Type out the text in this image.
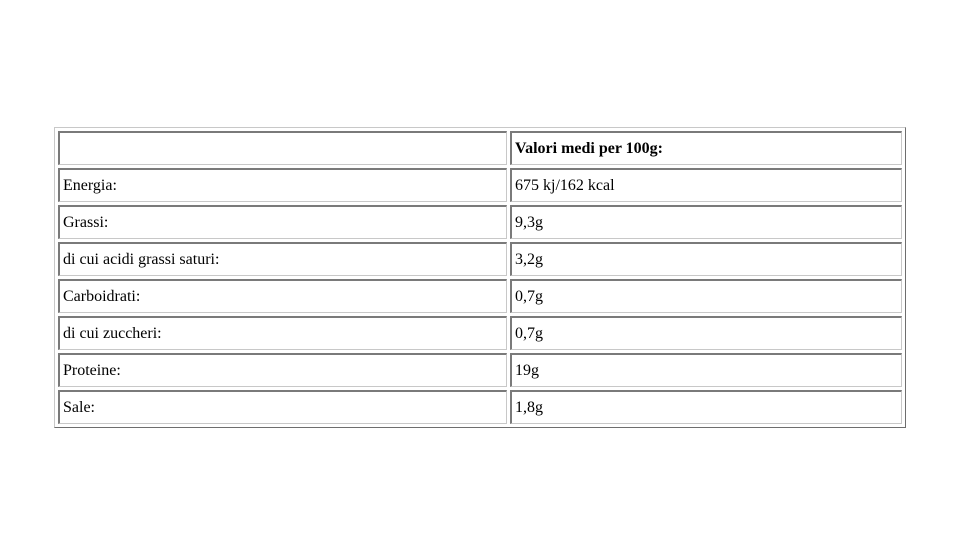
	Valori medi per 100g:
Energia:	675 kj/162 kcal
Grassi:	9,3g
di cui acidi grassi saturi:	3,2g
Carboidrati:	0,7g
di cui zuccheri:	0,7g
Proteine:	19g
Sale:	1,8g
